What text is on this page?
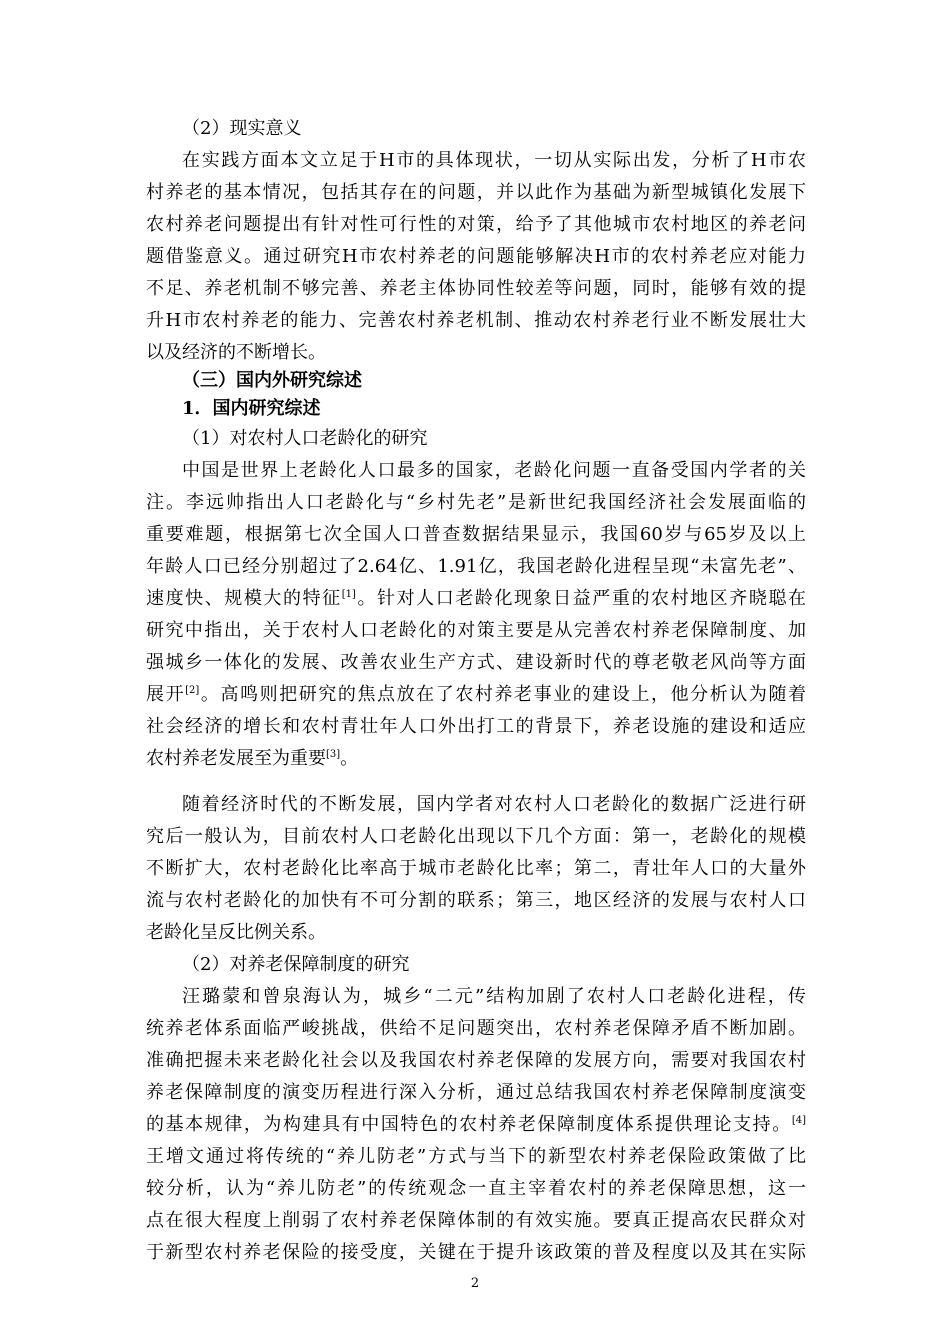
（2）现实意义
在实践方面本文立足于H市的具体现状，一切从实际出发，分析了H市农
村养老的基本情况，包括其存在的问题，并以此作为基础为新型城镇化发展下
农村养老问题提出有针对性可行性的对策，给予了其他城市农村地区的养老问
题借鉴意义。通过研究H市农村养老的问题能够解决H市的农村养老应对能力
不足、养老机制不够完善、养老主体协同性较差等问题，同时，能够有效的提
升H市农村养老的能力、完善农村养老机制、推动农村养老行业不断发展壮大
以及经济的不断增长。
（三）国内外研究综述
1．国内研究综述
（1）对农村人口老龄化的研究
中国是世界上老龄化人口最多的国家，老龄化问题一直备受国内学者的关
注。李远帅指出人口老龄化与“乡村先老”是新世纪我国经济社会发展面临的
重要难题，根据第七次全国人口普查数据结果显示，我国60岁与65岁及以上
年龄人口已经分别超过了2.64亿、1.91亿，我国老龄化进程呈现“未富先老”、
速度快、规模大的特征[1]。针对人口老龄化现象日益严重的农村地区齐晓聪在
研究中指出，关于农村人口老龄化的对策主要是从完善农村养老保障制度、加
强城乡一体化的发展、改善农业生产方式、建设新时代的尊老敬老风尚等方面
展开[2]。高鸣则把研究的焦点放在了农村养老事业的建设上，他分析认为随着
社会经济的增长和农村青壮年人口外出打工的背景下，养老设施的建设和适应
农村养老发展至为重要[3]。
随着经济时代的不断发展，国内学者对农村人口老龄化的数据广泛进行研
究后一般认为，目前农村人口老龄化出现以下几个方面：第一，老龄化的规模
不断扩大，农村老龄化比率高于城市老龄化比率；第二，青壮年人口的大量外
流与农村老龄化的加快有不可分割的联系；第三，地区经济的发展与农村人口
老龄化呈反比例关系。
（2）对养老保障制度的研究
汪璐蒙和曾泉海认为，城乡“二元”结构加剧了农村人口老龄化进程，传
统养老体系面临严峻挑战，供给不足问题突出，农村养老保障矛盾不断加剧。
准确把握未来老龄化社会以及我国农村养老保障的发展方向，需要对我国农村
养老保障制度的演变历程进行深入分析，通过总结我国农村养老保障制度演变
的基本规律，为构建具有中国特色的农村养老保障制度体系提供理论支持。[4]
王增文通过将传统的“养儿防老”方式与当下的新型农村养老保险政策做了比
较分析，认为“养儿防老”的传统观念一直主宰着农村的养老保障思想，这一
点在很大程度上削弱了农村养老保障体制的有效实施。要真正提高农民群众对
于新型农村养老保险的接受度，关键在于提升该政策的普及程度以及其在实际
2
